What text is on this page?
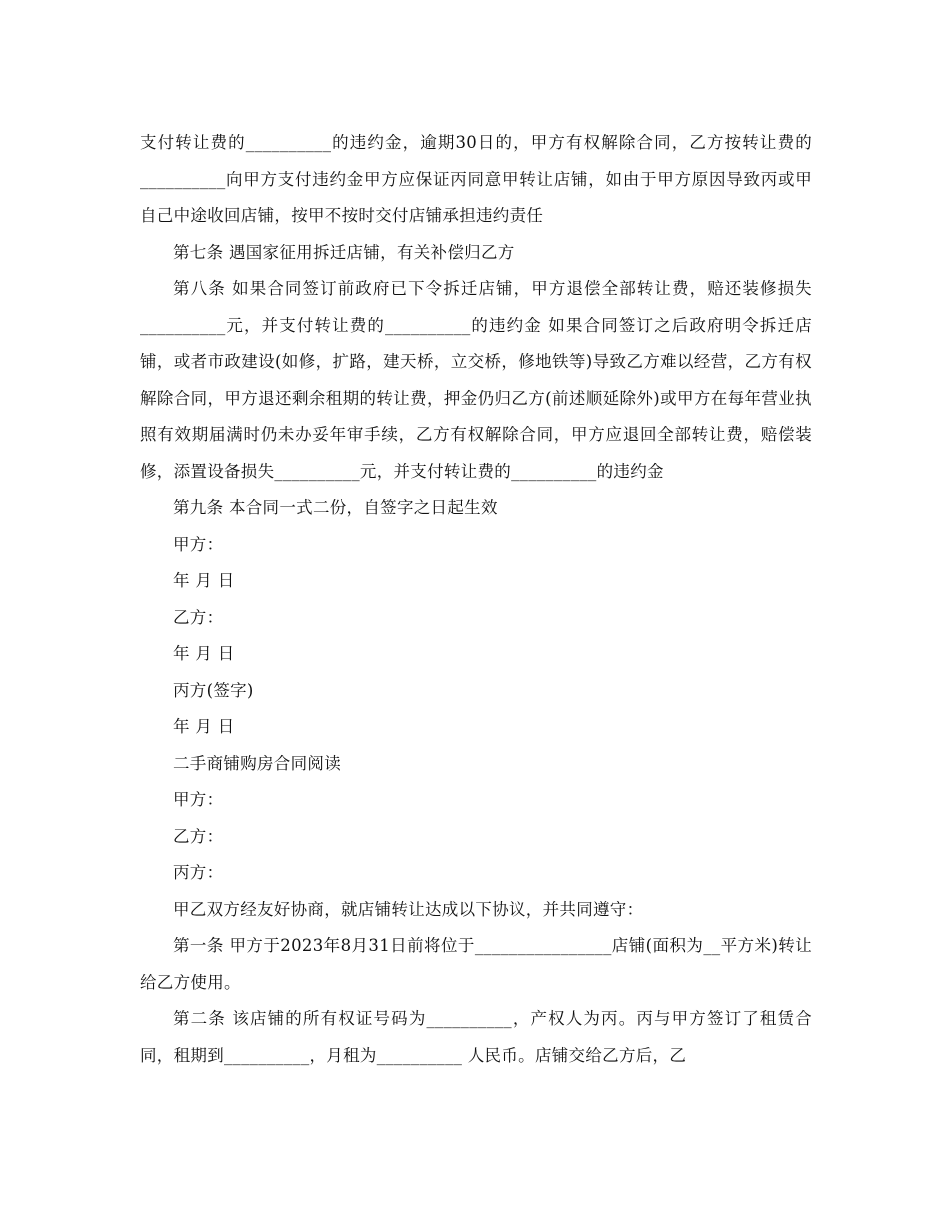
支付转让费的__________的违约金，逾期30日的，甲方有权解除合同，乙方按转让费的 __________向甲方支付违约金甲方应保证丙同意甲转让店铺，如由于甲方原因导致丙或甲自己中途收回店铺，按甲不按时交付店铺承担违约责任

第七条 遇国家征用拆迁店铺，有关补偿归乙方

第八条 如果合同签订前政府已下令拆迁店铺，甲方退偿全部转让费，赔还装修损失__________元，并支付转让费的__________的违约金 如果合同签订之后政府明令拆迁店铺，或者市政建设(如修，扩路，建天桥，立交桥，修地铁等)导致乙方难以经营，乙方有权解除合同，甲方退还剩余租期的转让费，押金仍归乙方(前述顺延除外)或甲方在每年营业执照有效期届满时仍未办妥年审手续，乙方有权解除合同，甲方应退回全部转让费，赔偿装修，添置设备损失__________元，并支付转让费的__________的违约金

第九条 本合同一式二份，自签字之日起生效

甲方：

年 月 日

乙方：

年 月 日

丙方(签字)

年 月 日

二手商铺购房合同阅读

甲方：

乙方：

丙方：

甲乙双方经友好协商，就店铺转让达成以下协议，并共同遵守：

第一条 甲方于2023年8月31日前将位于________________店铺(面积为__平方米)转让给乙方使用。

第二条 该店铺的所有权证号码为__________，产权人为丙。丙与甲方签订了租赁合同，租期到__________，月租为__________ 人民币。店铺交给乙方后，乙
